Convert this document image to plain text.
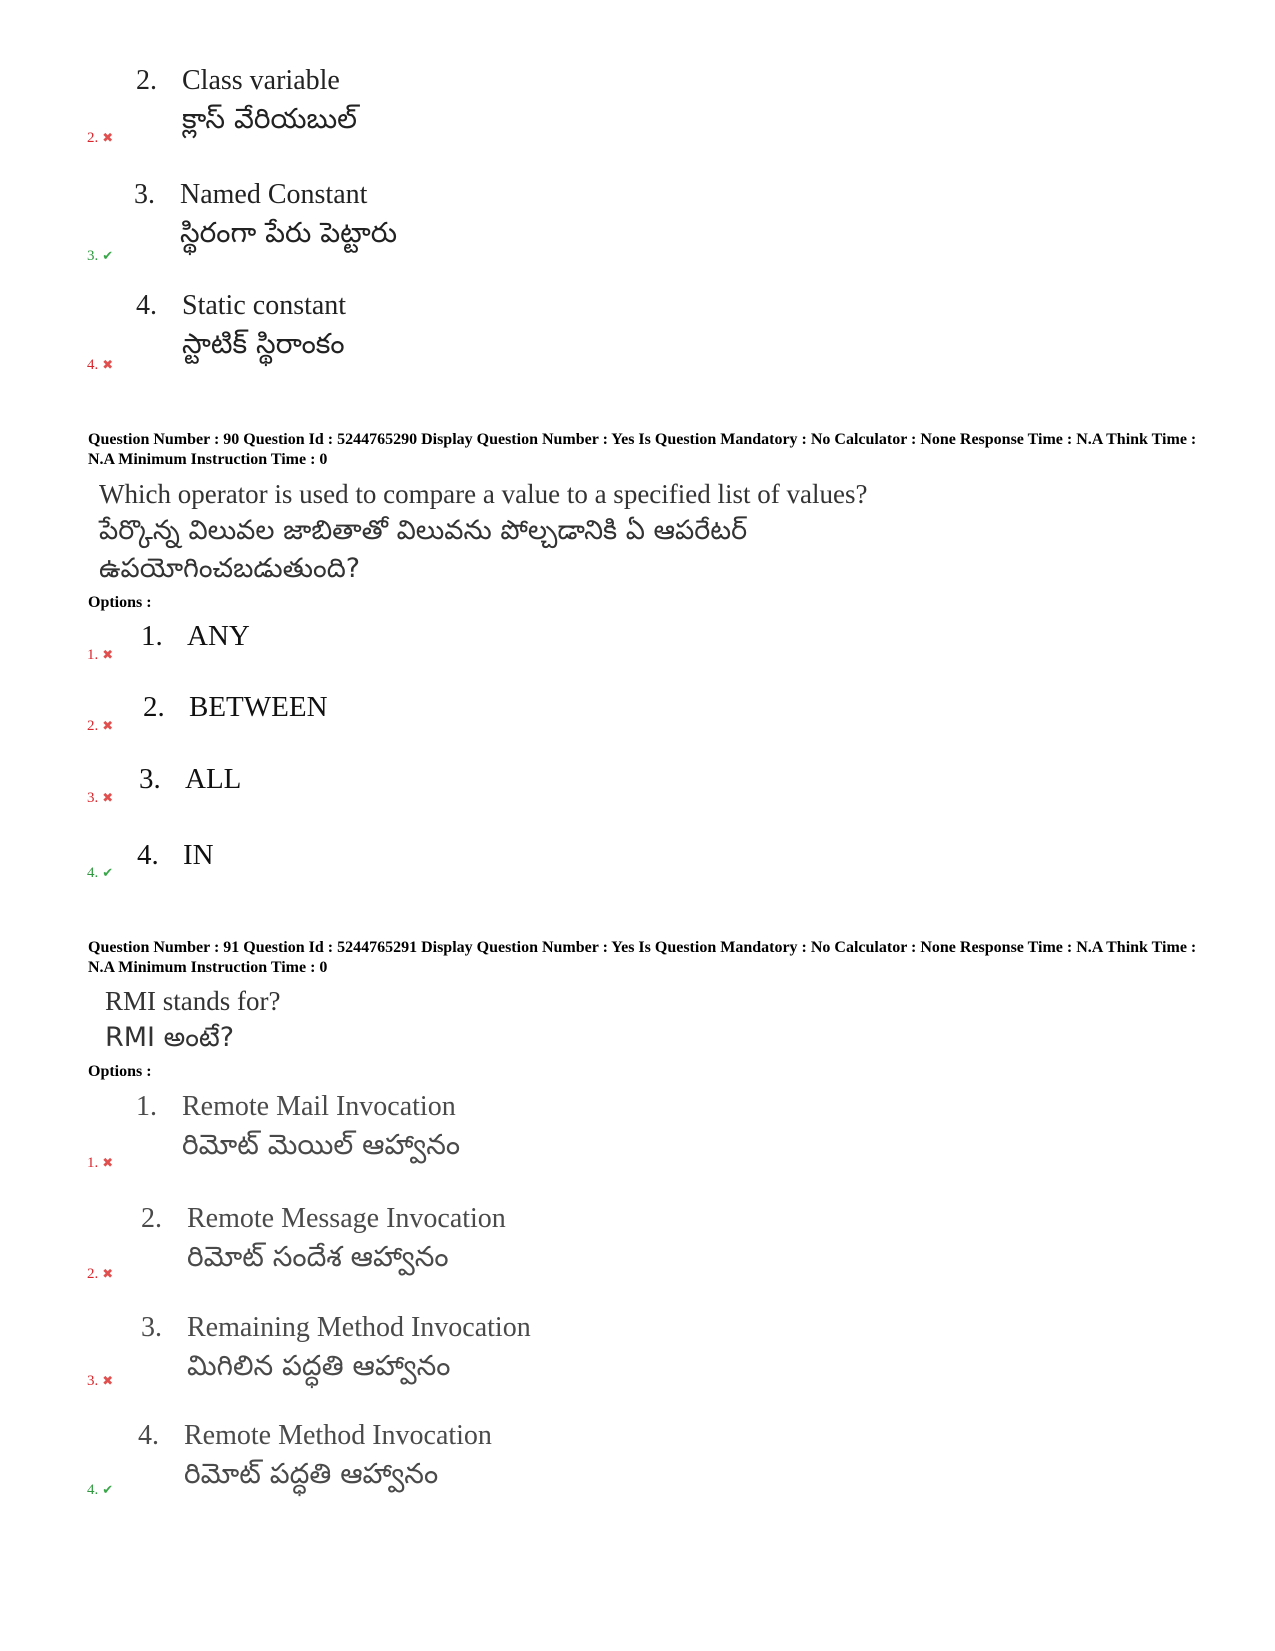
2. Class variable
క్లాస్ వేరియబుల్
2. ✖
3. Named Constant
స్థిరంగా పేరు పెట్టారు
3. ✔
4. Static constant
స్టాటిక్ స్థిరాంకం
4. ✖
Question Number : 90 Question Id : 5244765290 Display Question Number : Yes Is Question Mandatory : No Calculator : None Response Time : N.A Think Time : N.A Minimum Instruction Time : 0
Which operator is used to compare a value to a specified list of values?
పేర్కొన్న విలువల జాబితాతో విలువను పోల్చడానికి ఏ ఆపరేటర్
ఉపయోగించబడుతుంది?
Options :
1. ANY
1. ✖
2. BETWEEN
2. ✖
3. ALL
3. ✖
4. IN
4. ✔
Question Number : 91 Question Id : 5244765291 Display Question Number : Yes Is Question Mandatory : No Calculator : None Response Time : N.A Think Time : N.A Minimum Instruction Time : 0
RMI stands for?
RMI అంటే?
Options :
1. Remote Mail Invocation
రిమోట్ మెయిల్ ఆహ్వానం
1. ✖
2. Remote Message Invocation
రిమోట్ సందేశ ఆహ్వానం
2. ✖
3. Remaining Method Invocation
మిగిలిన పద్ధతి ఆహ్వానం
3. ✖
4. Remote Method Invocation
రిమోట్ పద్ధతి ఆహ్వానం
4. ✔
